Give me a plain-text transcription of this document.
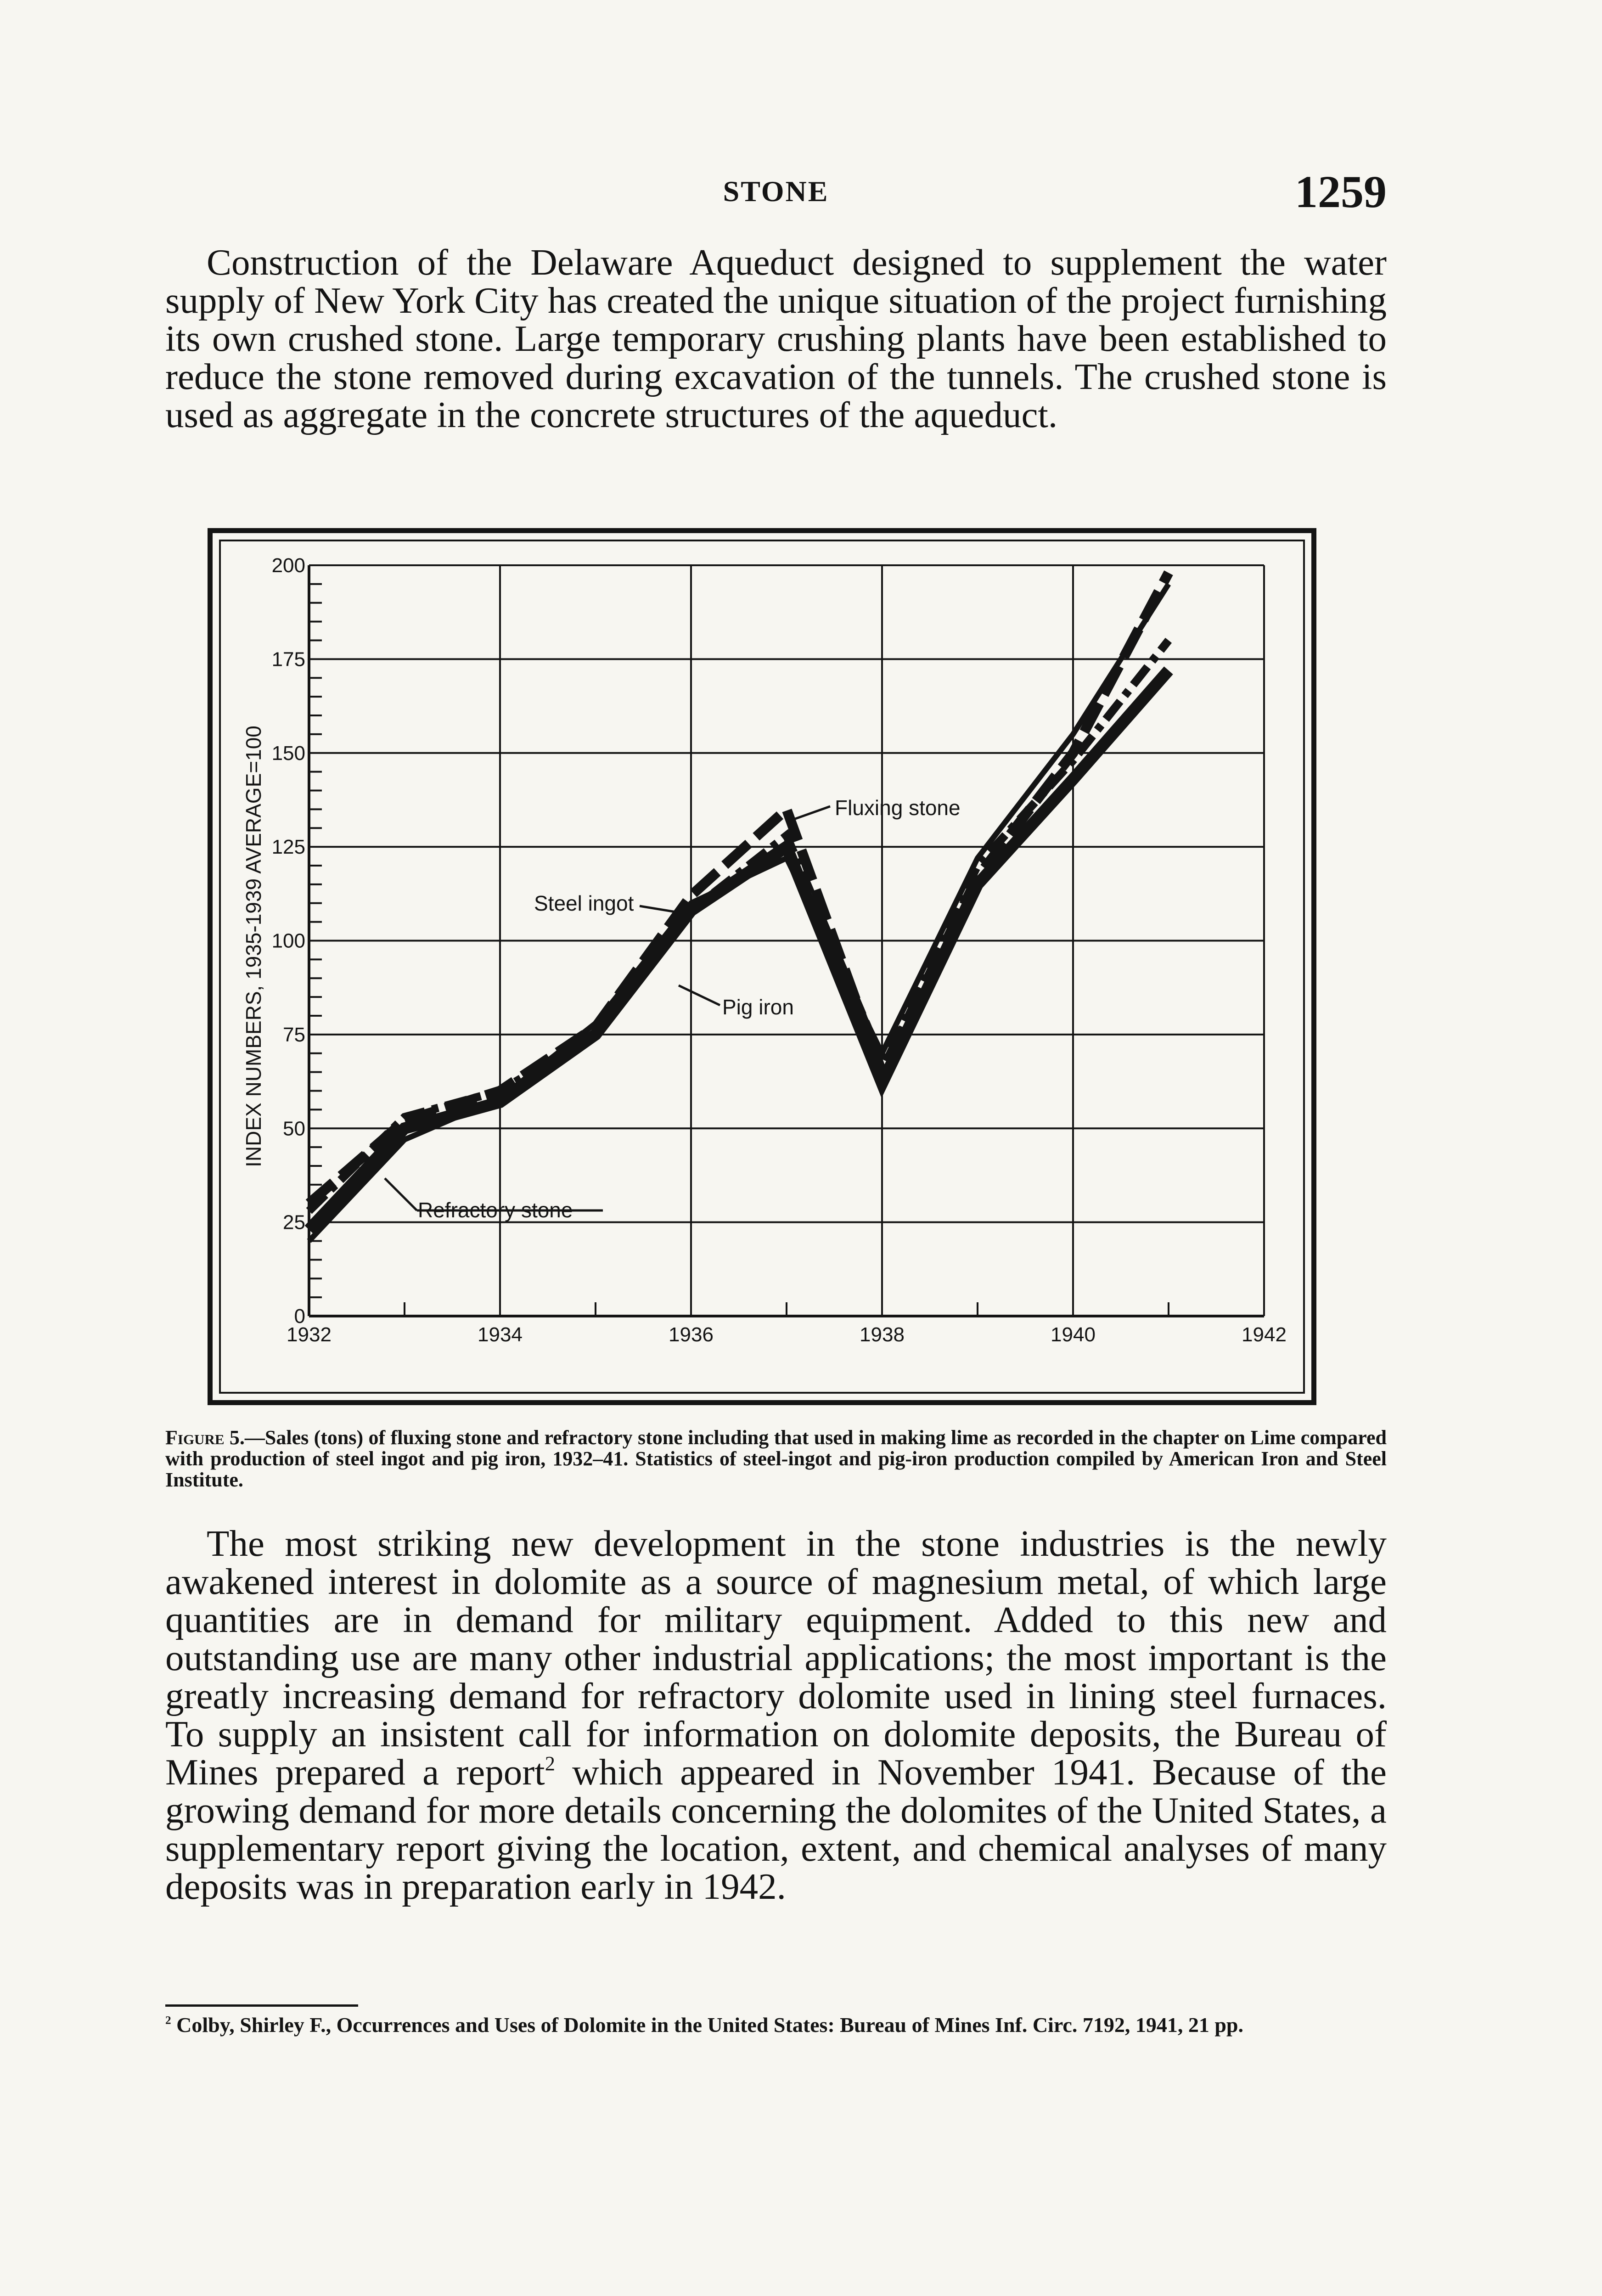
STONE	1259

Construction of the Delaware Aqueduct designed to supplement the water supply of New York City has created the unique situation of the project furnishing its own crushed stone. Large temporary crushing plants have been established to reduce the stone removed during excavation of the tunnels. The crushed stone is used as aggregate in the concrete structures of the aqueduct.

INDEX NUMBERS, 1935-1939 AVERAGE=100
0
25
50
75
100
125
150
175
200
1932	1934	1936	1938	1940	1942
Fluxing stone
Steel ingot
Pig iron
Refractory stone

Figure 5.—Sales (tons) of fluxing stone and refractory stone including that used in making lime as recorded in the chapter on Lime compared with production of steel ingot and pig iron, 1932–41. Statistics of steel-ingot and pig-iron production compiled by American Iron and Steel Institute.

The most striking new development in the stone industries is the newly awakened interest in dolomite as a source of magnesium metal, of which large quantities are in demand for military equipment. Added to this new and outstanding use are many other industrial applications; the most important is the greatly increasing demand for refractory dolomite used in lining steel furnaces. To supply an insistent call for information on dolomite deposits, the Bureau of Mines prepared a report$^2$ which appeared in November 1941. Because of the growing demand for more details concerning the dolomites of the United States, a supplementary report giving the location, extent, and chemical analyses of many deposits was in preparation early in 1942.

$^2$ Colby, Shirley F., Occurrences and Uses of Dolomite in the United States: Bureau of Mines Inf. Circ. 7192, 1941, 21 pp.
